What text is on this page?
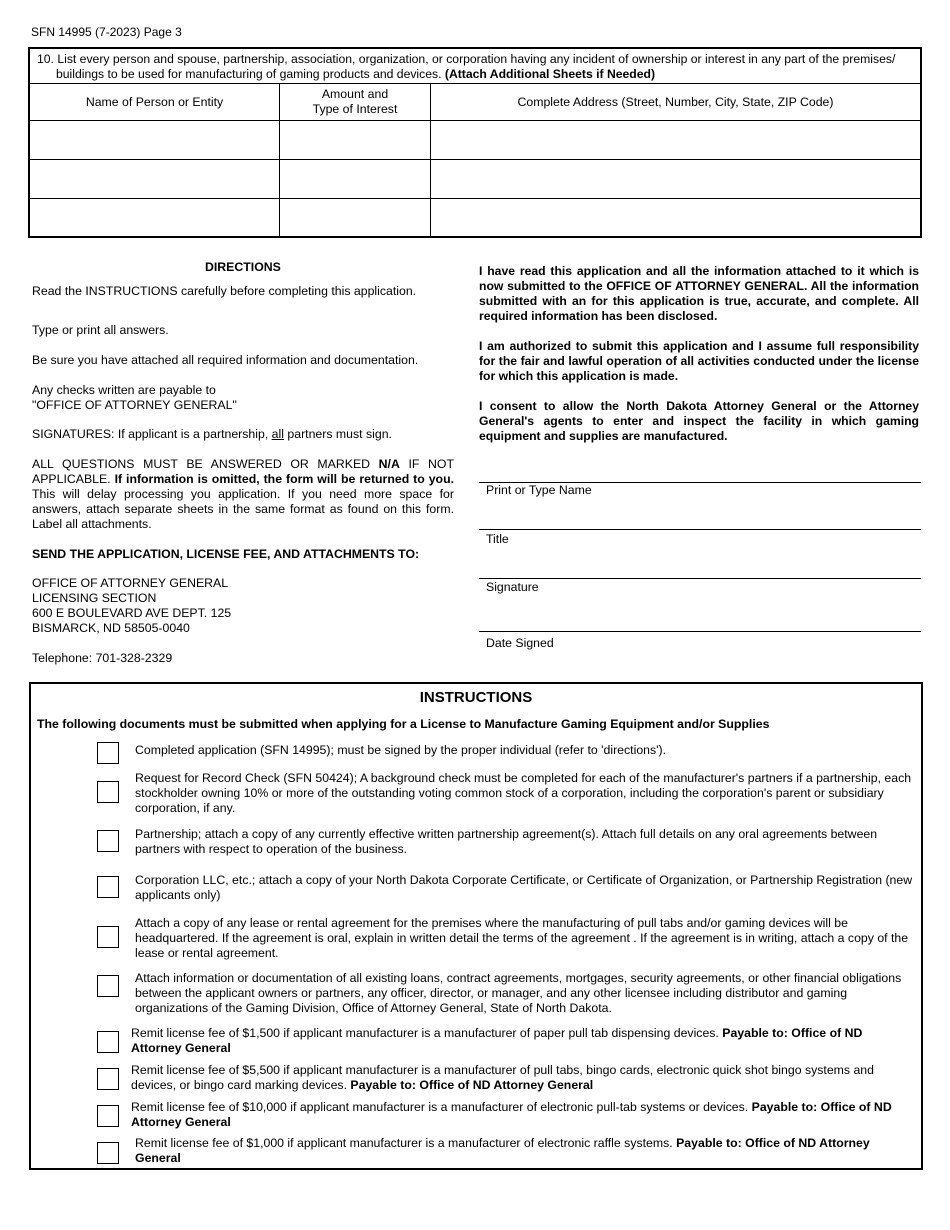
SFN 14995 (7-2023) Page 3
10. List every person and spouse, partnership, association, organization, or corporation having any incident of ownership or interest in any part of the premises/
buildings to be used for manufacturing of gaming products and devices. (Attach Additional Sheets if Needed)
Name of Person or Entity
Amount and
Type of Interest
Complete Address (Street, Number, City, State, ZIP Code)
DIRECTIONS
Read the INSTRUCTIONS carefully before completing this application.
Type or print all answers.
Be sure you have attached all required information and documentation.
Any checks written are payable to
"OFFICE OF ATTORNEY GENERAL"
SIGNATURES: If applicant is a partnership, all partners must sign.
ALL QUESTIONS MUST BE ANSWERED OR MARKED N/A IF NOT APPLICABLE. If information is omitted, the form will be returned to you. This will delay processing you application. If you need more space for answers, attach separate sheets in the same format as found on this form. Label all attachments.
SEND THE APPLICATION, LICENSE FEE, AND ATTACHMENTS TO:
OFFICE OF ATTORNEY GENERAL
LICENSING SECTION
600 E BOULEVARD AVE DEPT. 125
BISMARCK, ND 58505-0040
Telephone: 701-328-2329
I have read this application and all the information attached to it which is now submitted to the OFFICE OF ATTORNEY GENERAL. All the information submitted with an for this application is true, accurate, and complete. All required information has been disclosed.
I am authorized to submit this application and I assume full responsibility for the fair and lawful operation of all activities conducted under the license for which this application is made.
I consent to allow the North Dakota Attorney General or the Attorney General's agents to enter and inspect the facility in which gaming equipment and supplies are manufactured.
Print or Type Name
Title
Signature
Date Signed
INSTRUCTIONS
The following documents must be submitted when applying for a License to Manufacture Gaming Equipment and/or Supplies
Completed application (SFN 14995); must be signed by the proper individual (refer to 'directions').
Request for Record Check (SFN 50424); A background check must be completed for each of the manufacturer's partners if a partnership, each stockholder owning 10% or more of the outstanding voting common stock of a corporation, including the corporation's parent or subsidiary corporation, if any.
Partnership; attach a copy of any currently effective written partnership agreement(s). Attach full details on any oral agreements between partners with respect to operation of the business.
Corporation LLC, etc.; attach a copy of your North Dakota Corporate Certificate, or Certificate of Organization, or Partnership Registration (new applicants only)
Attach a copy of any lease or rental agreement for the premises where the manufacturing of pull tabs and/or gaming devices will be headquartered. If the agreement is oral, explain in written detail the terms of the agreement . If the agreement is in writing, attach a copy of the lease or rental agreement.
Attach information or documentation of all existing loans, contract agreements, mortgages, security agreements, or other financial obligations between the applicant owners or partners, any officer, director, or manager, and any other licensee including distributor and gaming organizations of the Gaming Division, Office of Attorney General, State of North Dakota.
Remit license fee of $1,500 if applicant manufacturer is a manufacturer of paper pull tab dispensing devices. Payable to: Office of ND Attorney General
Remit license fee of $5,500 if applicant manufacturer is a manufacturer of pull tabs, bingo cards, electronic quick shot bingo systems and devices, or bingo card marking devices. Payable to: Office of ND Attorney General
Remit license fee of $10,000 if applicant manufacturer is a manufacturer of electronic pull-tab systems or devices. Payable to: Office of ND Attorney General
Remit license fee of $1,000 if applicant manufacturer is a manufacturer of electronic raffle systems. Payable to: Office of ND Attorney General
